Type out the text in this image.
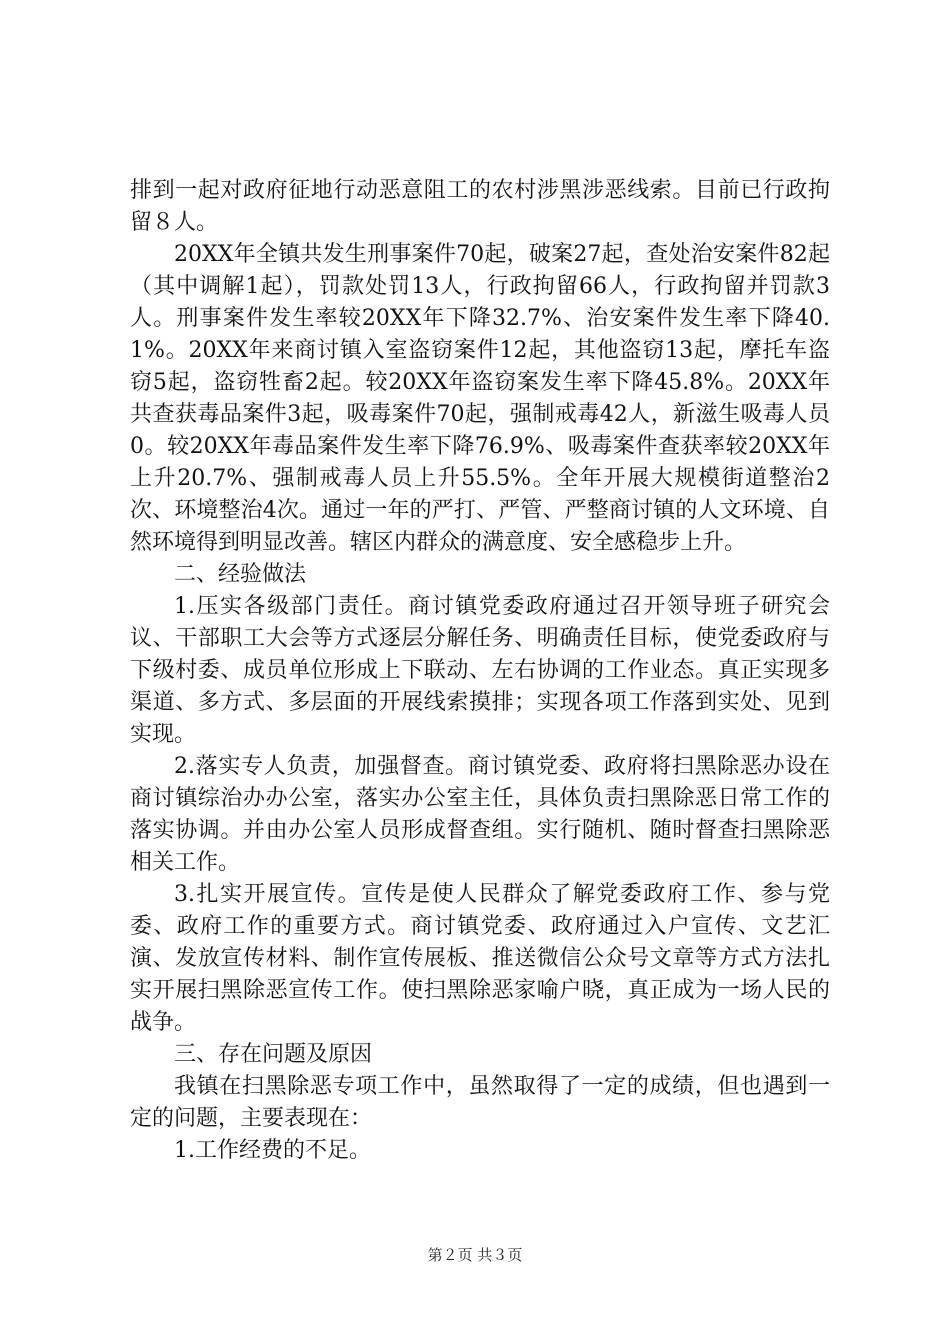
排到一起对政府征地行动恶意阻工的农村涉黑涉恶线索。目前已行政拘留８人。

20XX年全镇共发生刑事案件70起，破案27起，查处治安案件82起（其中调解1起），罚款处罚13人，行政拘留66人，行政拘留并罚款3人。刑事案件发生率较20XX年下降32.7%、治安案件发生率下降40.1%。20XX年来商讨镇入室盗窃案件12起，其他盗窃13起，摩托车盗窃5起，盗窃牲畜2起。较20XX年盗窃案发生率下降45.8%。20XX年共查获毒品案件3起，吸毒案件70起，强制戒毒42人，新滋生吸毒人员0。较20XX年毒品案件发生率下降76.9%、吸毒案件查获率较20XX年上升20.7%、强制戒毒人员上升55.5%。全年开展大规模街道整治2次、环境整治4次。通过一年的严打、严管、严整商讨镇的人文环境、自然环境得到明显改善。辖区内群众的满意度、安全感稳步上升。

二、经验做法

1.压实各级部门责任。商讨镇党委政府通过召开领导班子研究会议、干部职工大会等方式逐层分解任务、明确责任目标，使党委政府与下级村委、成员单位形成上下联动、左右协调的工作业态。真正实现多渠道、多方式、多层面的开展线索摸排；实现各项工作落到实处、见到实现。

2.落实专人负责，加强督查。商讨镇党委、政府将扫黑除恶办设在商讨镇综治办办公室，落实办公室主任，具体负责扫黑除恶日常工作的落实协调。并由办公室人员形成督查组。实行随机、随时督查扫黑除恶相关工作。

3.扎实开展宣传。宣传是使人民群众了解党委政府工作、参与党委、政府工作的重要方式。商讨镇党委、政府通过入户宣传、文艺汇演、发放宣传材料、制作宣传展板、推送微信公众号文章等方式方法扎实开展扫黑除恶宣传工作。使扫黑除恶家喻户晓，真正成为一场人民的战争。

三、存在问题及原因

我镇在扫黑除恶专项工作中，虽然取得了一定的成绩，但也遇到一定的问题，主要表现在：

1.工作经费的不足。

第２页 共３页
